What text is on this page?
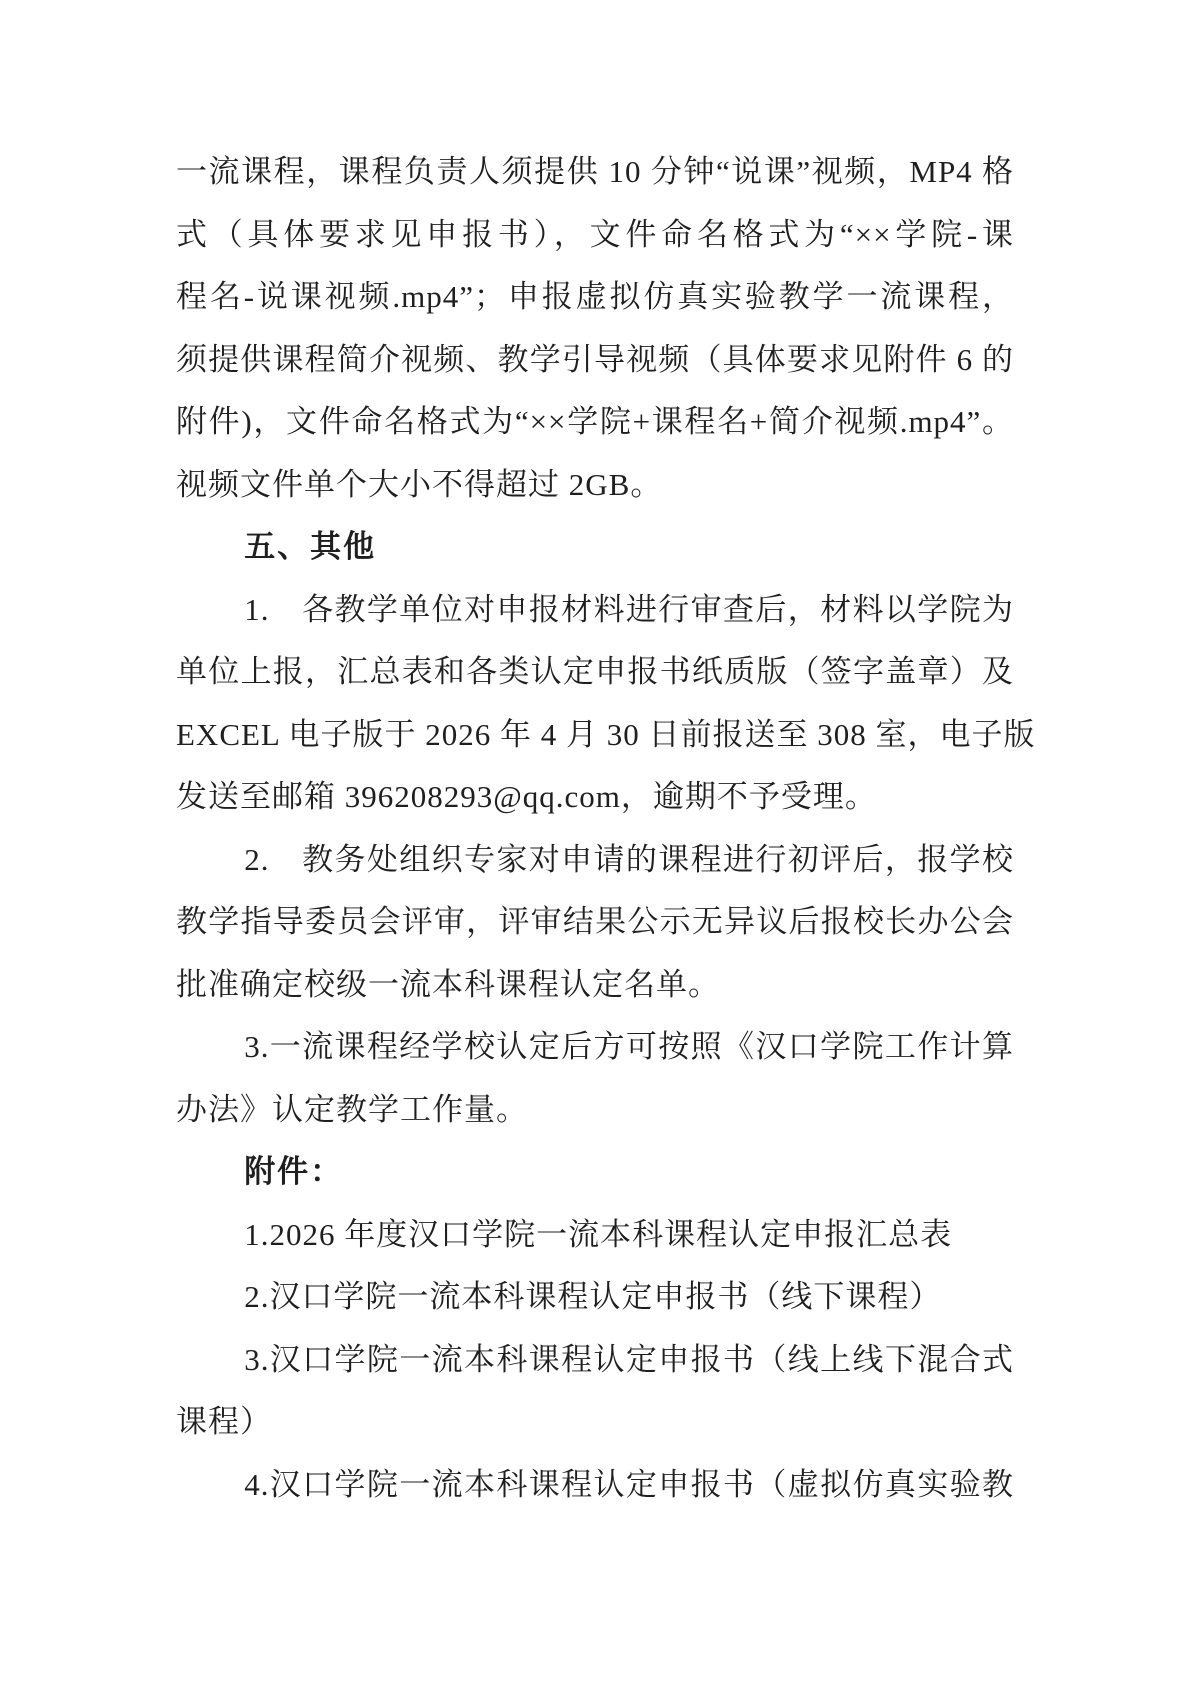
一流课程，课程负责人须提供 10 分钟“说课”视频，MP4 格
式（具体要求见申报书），文件命名格式为“××学院-课
程名-说课视频.mp4”；申报虚拟仿真实验教学一流课程，
须提供课程简介视频、教学引导视频（具体要求见附件 6 的
附件)，文件命名格式为“××学院+课程名+简介视频.mp4”。
视频文件单个大小不得超过 2GB。
五、其他
1.　各教学单位对申报材料进行审查后，材料以学院为
单位上报，汇总表和各类认定申报书纸质版（签字盖章）及
EXCEL 电子版于 2026 年 4 月 30 日前报送至 308 室，电子版
发送至邮箱 396208293@qq.com，逾期不予受理。
2.　教务处组织专家对申请的课程进行初评后，报学校
教学指导委员会评审，评审结果公示无异议后报校长办公会
批准确定校级一流本科课程认定名单。
3.一流课程经学校认定后方可按照《汉口学院工作计算
办法》认定教学工作量。
附件：
1.2026 年度汉口学院一流本科课程认定申报汇总表
2.汉口学院一流本科课程认定申报书（线下课程）
3.汉口学院一流本科课程认定申报书（线上线下混合式
课程）
4.汉口学院一流本科课程认定申报书（虚拟仿真实验教
